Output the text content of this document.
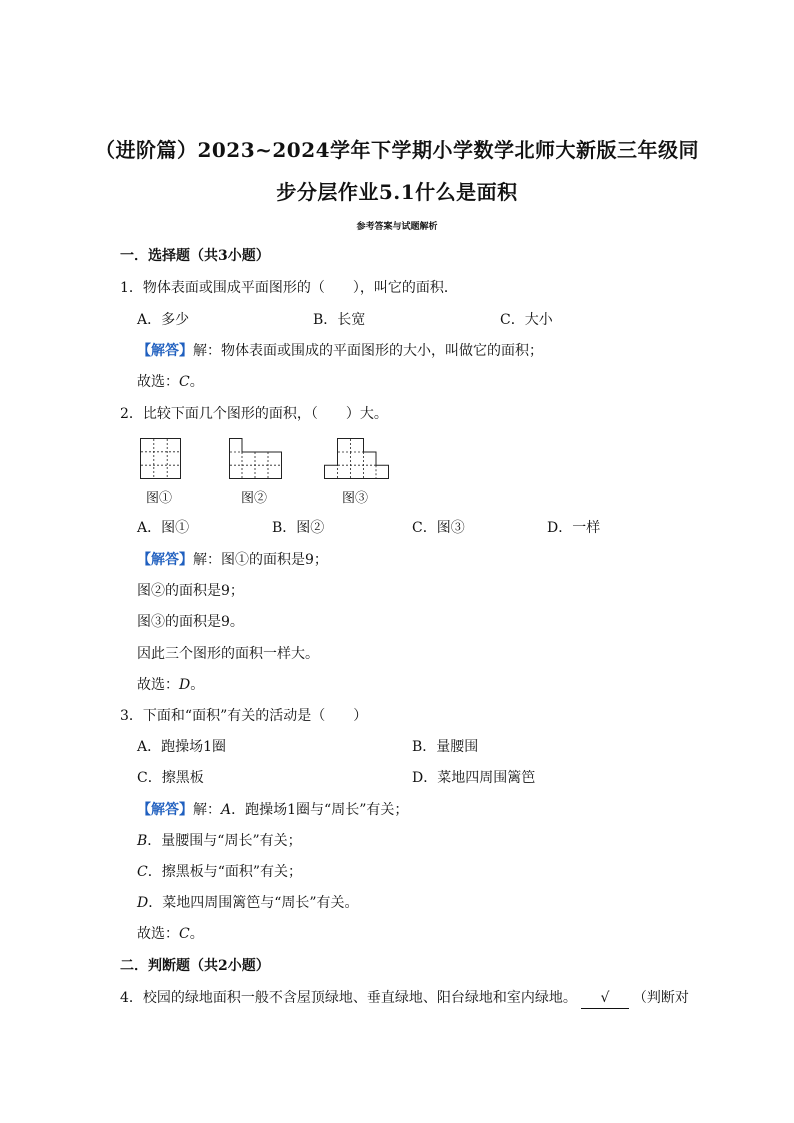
（进阶篇）2023~2024学年下学期小学数学北师大新版三年级同
步分层作业5.1什么是面积
参考答案与试题解析
一．选择题（共3小题）
1．物体表面或围成平面图形的（　　），叫它的面积．
A．多少	B．长宽	C．大小
【解答】解：物体表面或围成的平面图形的大小，叫做它的面积；
故选：C。
2．比较下面几个图形的面积，（　　）大。
图①	图②	图③
A．图①	B．图②	C．图③	D．一样
【解答】解：图①的面积是9；
图②的面积是9；
图③的面积是9。
因此三个图形的面积一样大。
故选：D。
3．下面和“面积”有关的活动是（　　）
A．跑操场1圈	B．量腰围
C．擦黑板	D．菜地四周围篱笆
【解答】解：A．跑操场1圈与“周长”有关；
B．量腰围与“周长”有关；
C．擦黑板与“面积”有关；
D．菜地四周围篱笆与“周长”有关。
故选：C。
二．判断题（共2小题）
4．校园的绿地面积一般不含屋顶绿地、垂直绿地、阳台绿地和室内绿地。 √ （判断对
